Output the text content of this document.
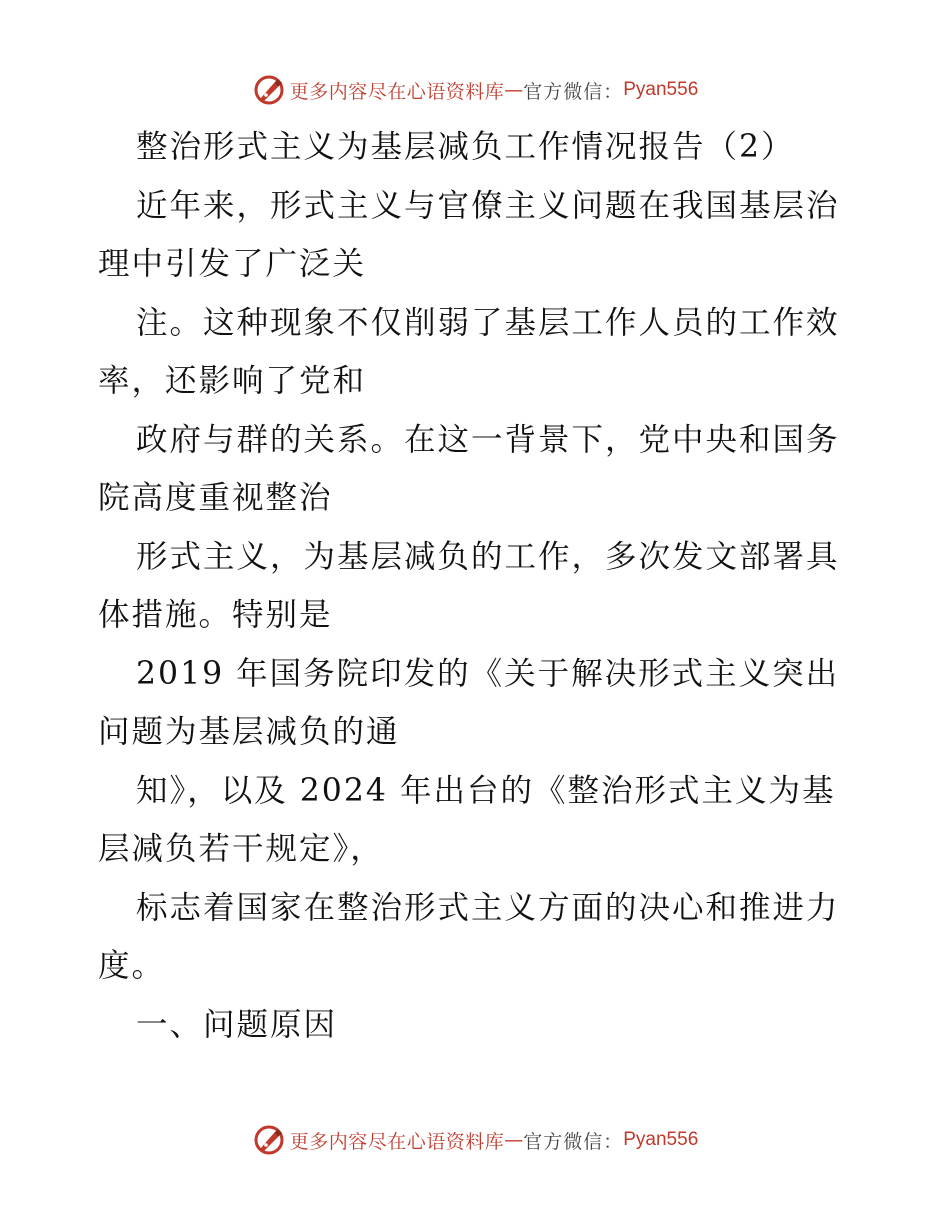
更多内容尽在心语资料库 — 官方微信： Pyan556
整治形式主义为基层减负工作情况报告（2）
近年来，形式主义与官僚主义问题在我国基层治
理中引发了广泛关
注。这种现象不仅削弱了基层工作人员的工作效
率，还影响了党和
政府与群的关系。在这一背景下，党中央和国务
院高度重视整治
形式主义，为基层减负的工作，多次发文部署具
体措施。特别是
2019 年国务院印发的《关于解决形式主义突出
问题为基层减负的通
知》，以及 2024 年出台的《整治形式主义为基
层减负若干规定》，
标志着国家在整治形式主义方面的决心和推进力
度。
一、问题原因
更多内容尽在心语资料库 — 官方微信： Pyan556
